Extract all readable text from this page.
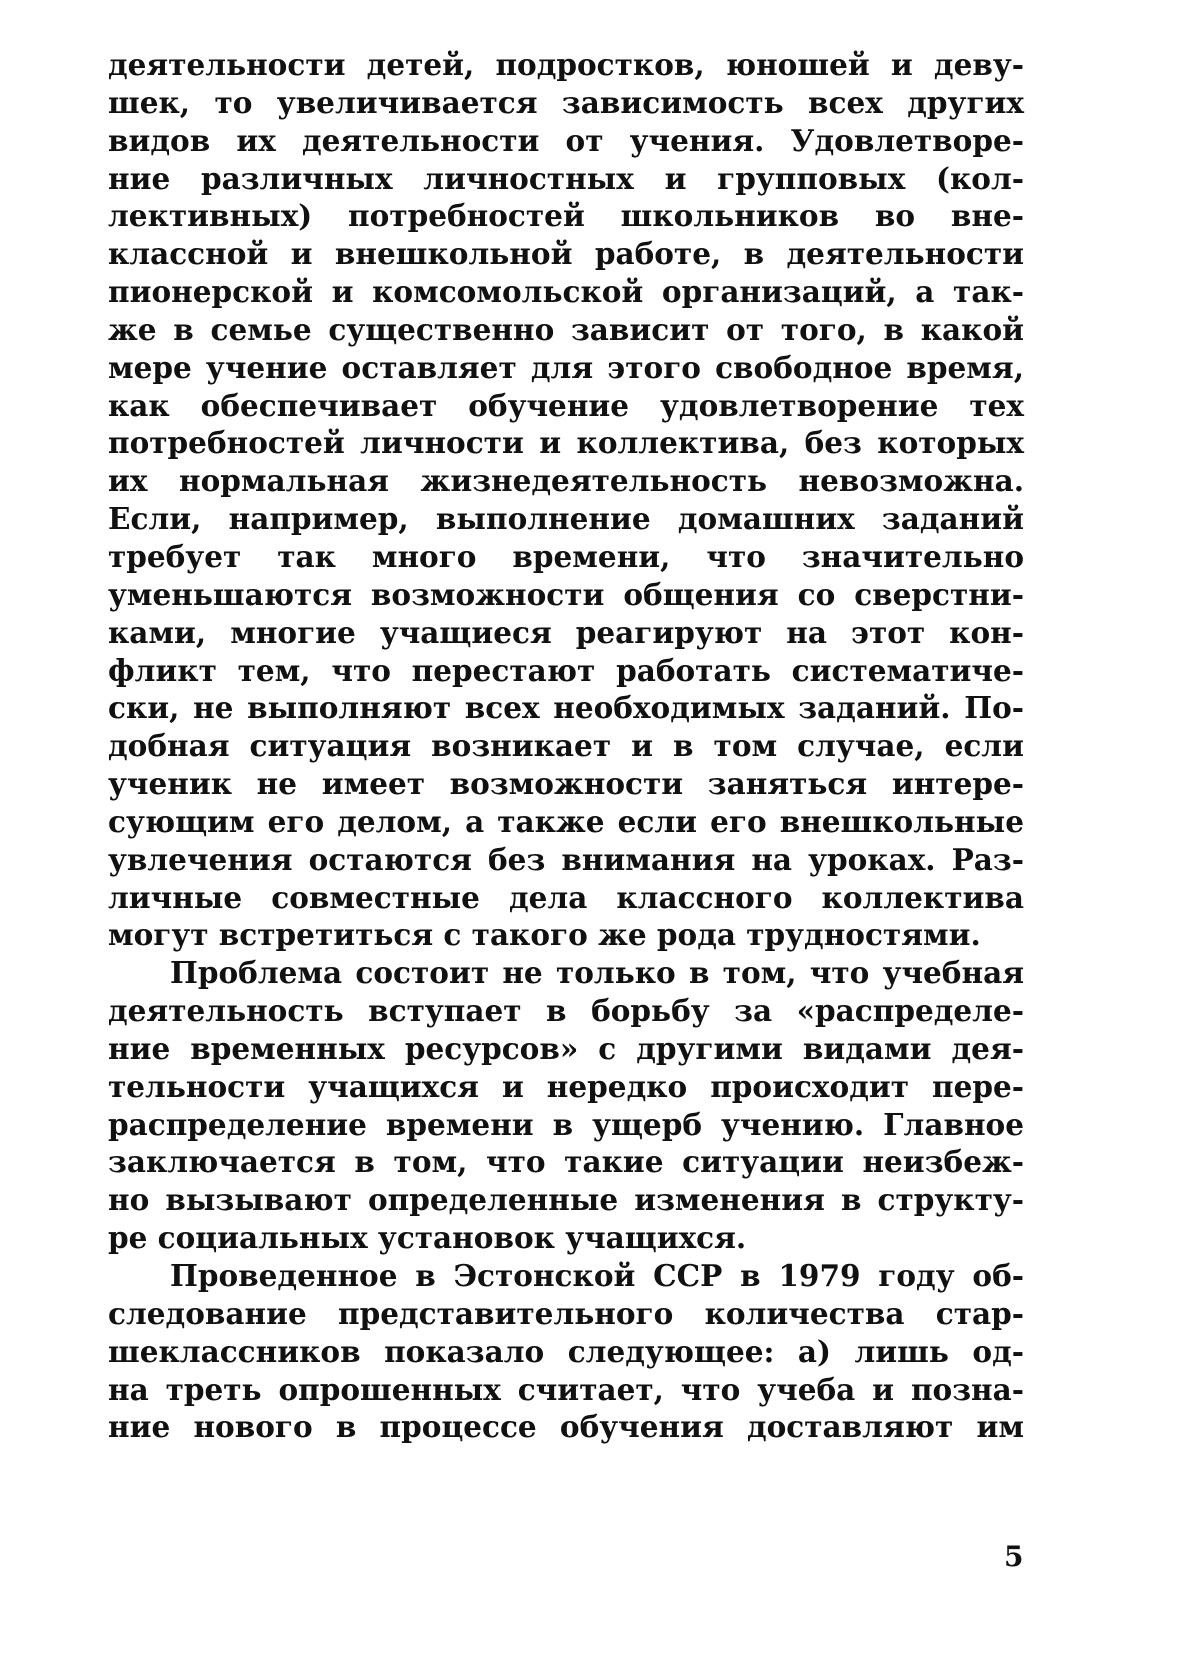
деятельности детей, подростков, юношей и деву-
шек, то увеличивается зависимость всех других
видов их деятельности от учения. Удовлетворе-
ние различных личностных и групповых (кол-
лективных) потребностей школьников во вне-
классной и внешкольной работе, в деятельности
пионерской и комсомольской организаций, а так-
же в семье существенно зависит от того, в какой
мере учение оставляет для этого свободное время,
как обеспечивает обучение удовлетворение тех
потребностей личности и коллектива, без которых
их нормальная жизнедеятельность невозможна.
Если, например, выполнение домашних заданий
требует так много времени, что значительно
уменьшаются возможности общения со сверстни-
ками, многие учащиеся реагируют на этот кон-
фликт тем, что перестают работать систематиче-
ски, не выполняют всех необходимых заданий. По-
добная ситуация возникает и в том случае, если
ученик не имеет возможности заняться интере-
сующим его делом, а также если его внешкольные
увлечения остаются без внимания на уроках. Раз-
личные совместные дела классного коллектива
могут встретиться с такого же рода трудностями.
Проблема состоит не только в том, что учебная
деятельность вступает в борьбу за «распределе-
ние временных ресурсов» с другими видами дея-
тельности учащихся и нередко происходит пере-
распределение времени в ущерб учению. Главное
заключается в том, что такие ситуации неизбеж-
но вызывают определенные изменения в структу-
ре социальных установок учащихся.
Проведенное в Эстонской ССР в 1979 году об-
следование представительного количества стар-
шеклассников показало следующее: а) лишь од-
на треть опрошенных считает, что учеба и позна-
ние нового в процессе обучения доставляют им
5
